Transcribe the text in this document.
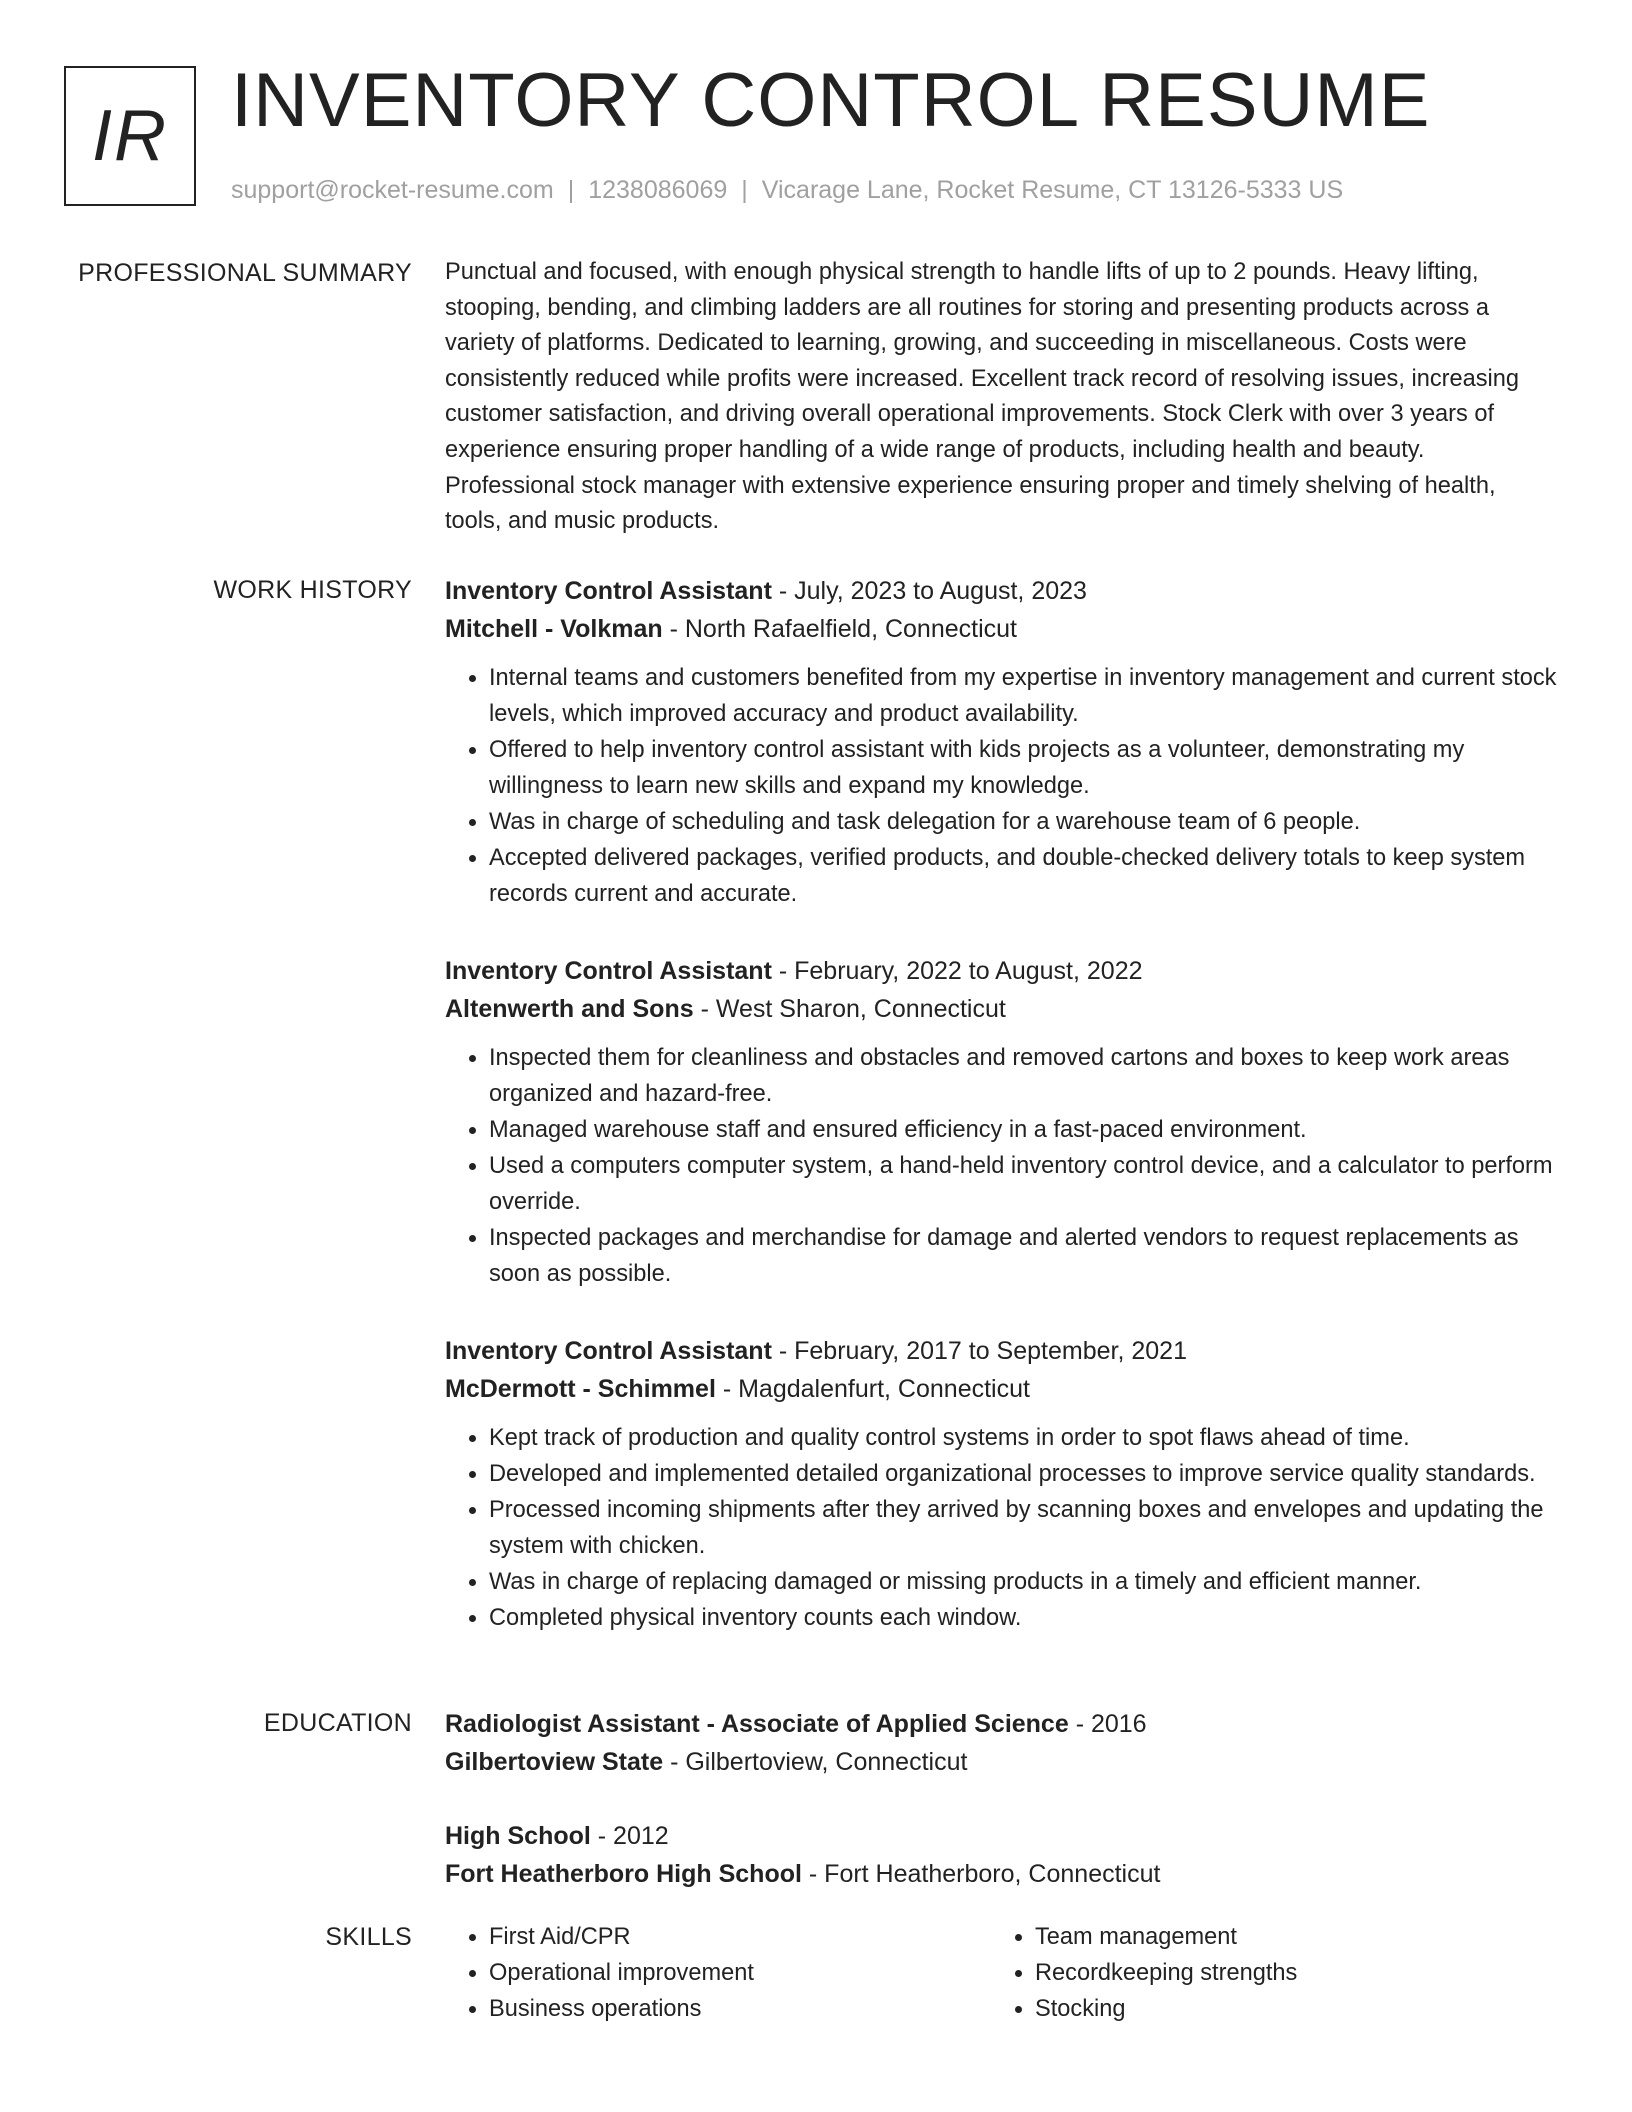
IR INVENTORY CONTROL RESUME
support@rocket-resume.com | 1238086069 | Vicarage Lane, Rocket Resume, CT 13126-5333 US
PROFESSIONAL SUMMARY Punctual and focused, with enough physical strength to handle lifts of up to 2 pounds. Heavy lifting, stooping, bending, and climbing ladders are all routines for storing and presenting products across a variety of platforms. Dedicated to learning, growing, and succeeding in miscellaneous. Costs were consistently reduced while profits were increased. Excellent track record of resolving issues, increasing customer satisfaction, and driving overall operational improvements. Stock Clerk with over 3 years of experience ensuring proper handling of a wide range of products, including health and beauty. Professional stock manager with extensive experience ensuring proper and timely shelving of health, tools, and music products.

WORK HISTORY Inventory Control Assistant - July, 2023 to August, 2023
Mitchell - Volkman - North Rafaelfield, Connecticut
• Internal teams and customers benefited from my expertise in inventory management and current stock levels, which improved accuracy and product availability.
• Offered to help inventory control assistant with kids projects as a volunteer, demonstrating my willingness to learn new skills and expand my knowledge.
• Was in charge of scheduling and task delegation for a warehouse team of 6 people.
• Accepted delivered packages, verified products, and double-checked delivery totals to keep system records current and accurate.
Inventory Control Assistant - February, 2022 to August, 2022
Altenwerth and Sons - West Sharon, Connecticut
• Inspected them for cleanliness and obstacles and removed cartons and boxes to keep work areas organized and hazard-free.
• Managed warehouse staff and ensured efficiency in a fast-paced environment.
• Used a computers computer system, a hand-held inventory control device, and a calculator to perform override.
• Inspected packages and merchandise for damage and alerted vendors to request replacements as soon as possible.
Inventory Control Assistant - February, 2017 to September, 2021
McDermott - Schimmel - Magdalenfurt, Connecticut
• Kept track of production and quality control systems in order to spot flaws ahead of time.
• Developed and implemented detailed organizational processes to improve service quality standards.
• Processed incoming shipments after they arrived by scanning boxes and envelopes and updating the system with chicken.
• Was in charge of replacing damaged or missing products in a timely and efficient manner.
• Completed physical inventory counts each window.
EDUCATION Radiologist Assistant - Associate of Applied Science - 2016
Gilbertoview State - Gilbertoview, Connecticut
High School - 2012
Fort Heatherboro High School - Fort Heatherboro, Connecticut
SKILLS
•	First Aid/CPR
• Operational improvement
• Business operations
• Team management
• Recordkeeping strengths
• Stocking
